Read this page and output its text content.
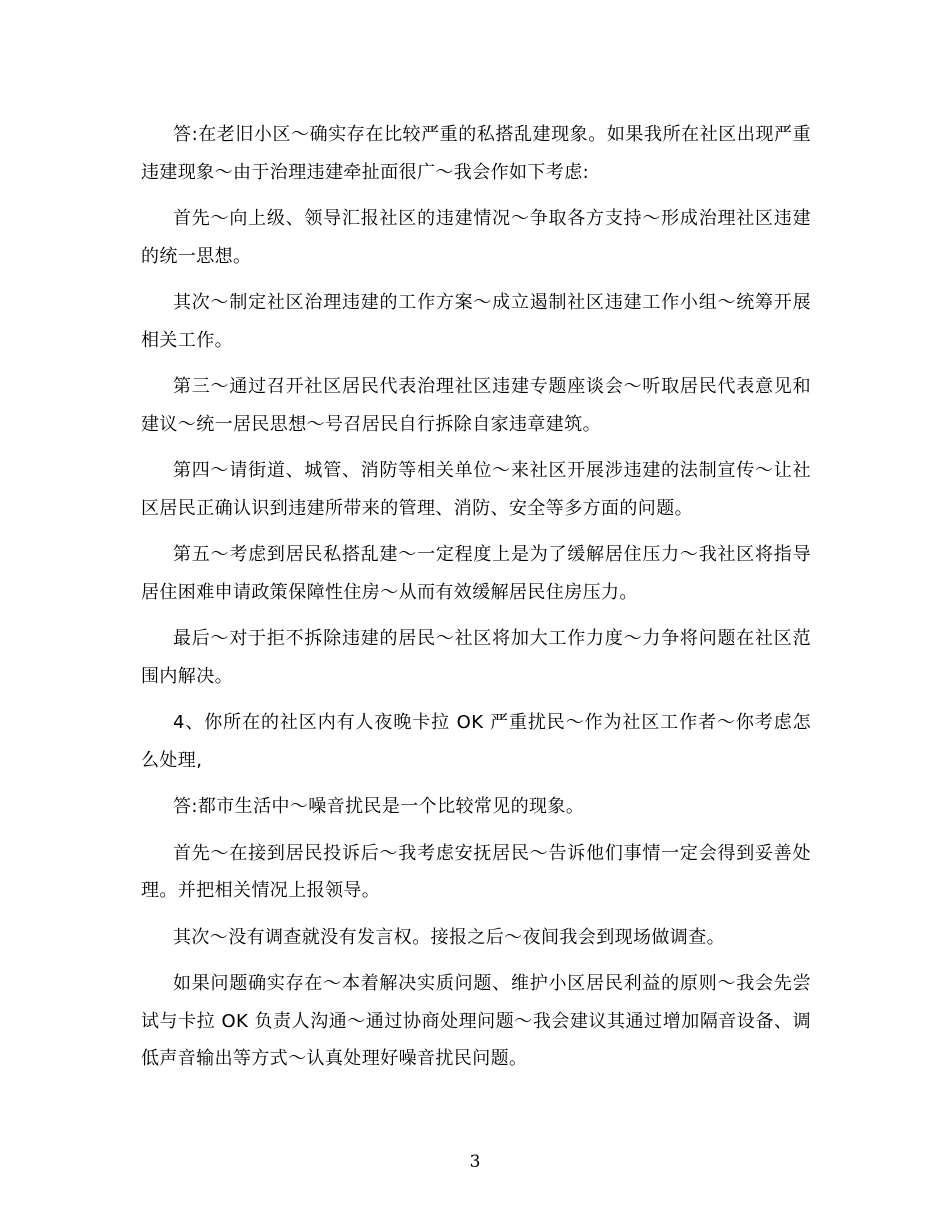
答:在老旧小区～确实存在比较严重的私搭乱建现象。如果我所在社区出现严重违建现象～由于治理违建牵扯面很广～我会作如下考虑:

首先～向上级、领导汇报社区的违建情况～争取各方支持～形成治理社区违建的统一思想。

其次～制定社区治理违建的工作方案～成立遏制社区违建工作小组～统筹开展相关工作。

第三～通过召开社区居民代表治理社区违建专题座谈会～听取居民代表意见和建议～统一居民思想～号召居民自行拆除自家违章建筑。

第四～请街道、城管、消防等相关单位～来社区开展涉违建的法制宣传～让社区居民正确认识到违建所带来的管理、消防、安全等多方面的问题。

第五～考虑到居民私搭乱建～一定程度上是为了缓解居住压力～我社区将指导居住困难申请政策保障性住房～从而有效缓解居民住房压力。

最后～对于拒不拆除违建的居民～社区将加大工作力度～力争将问题在社区范围内解决。

4、你所在的社区内有人夜晚卡拉 OK 严重扰民～作为社区工作者～你考虑怎么处理,

答:都市生活中～噪音扰民是一个比较常见的现象。

首先～在接到居民投诉后～我考虑安抚居民～告诉他们事情一定会得到妥善处理。并把相关情况上报领导。

其次～没有调查就没有发言权。接报之后～夜间我会到现场做调查。

如果问题确实存在～本着解决实质问题、维护小区居民利益的原则～我会先尝试与卡拉 OK 负责人沟通～通过协商处理问题～我会建议其通过增加隔音设备、调低声音输出等方式～认真处理好噪音扰民问题。

3
